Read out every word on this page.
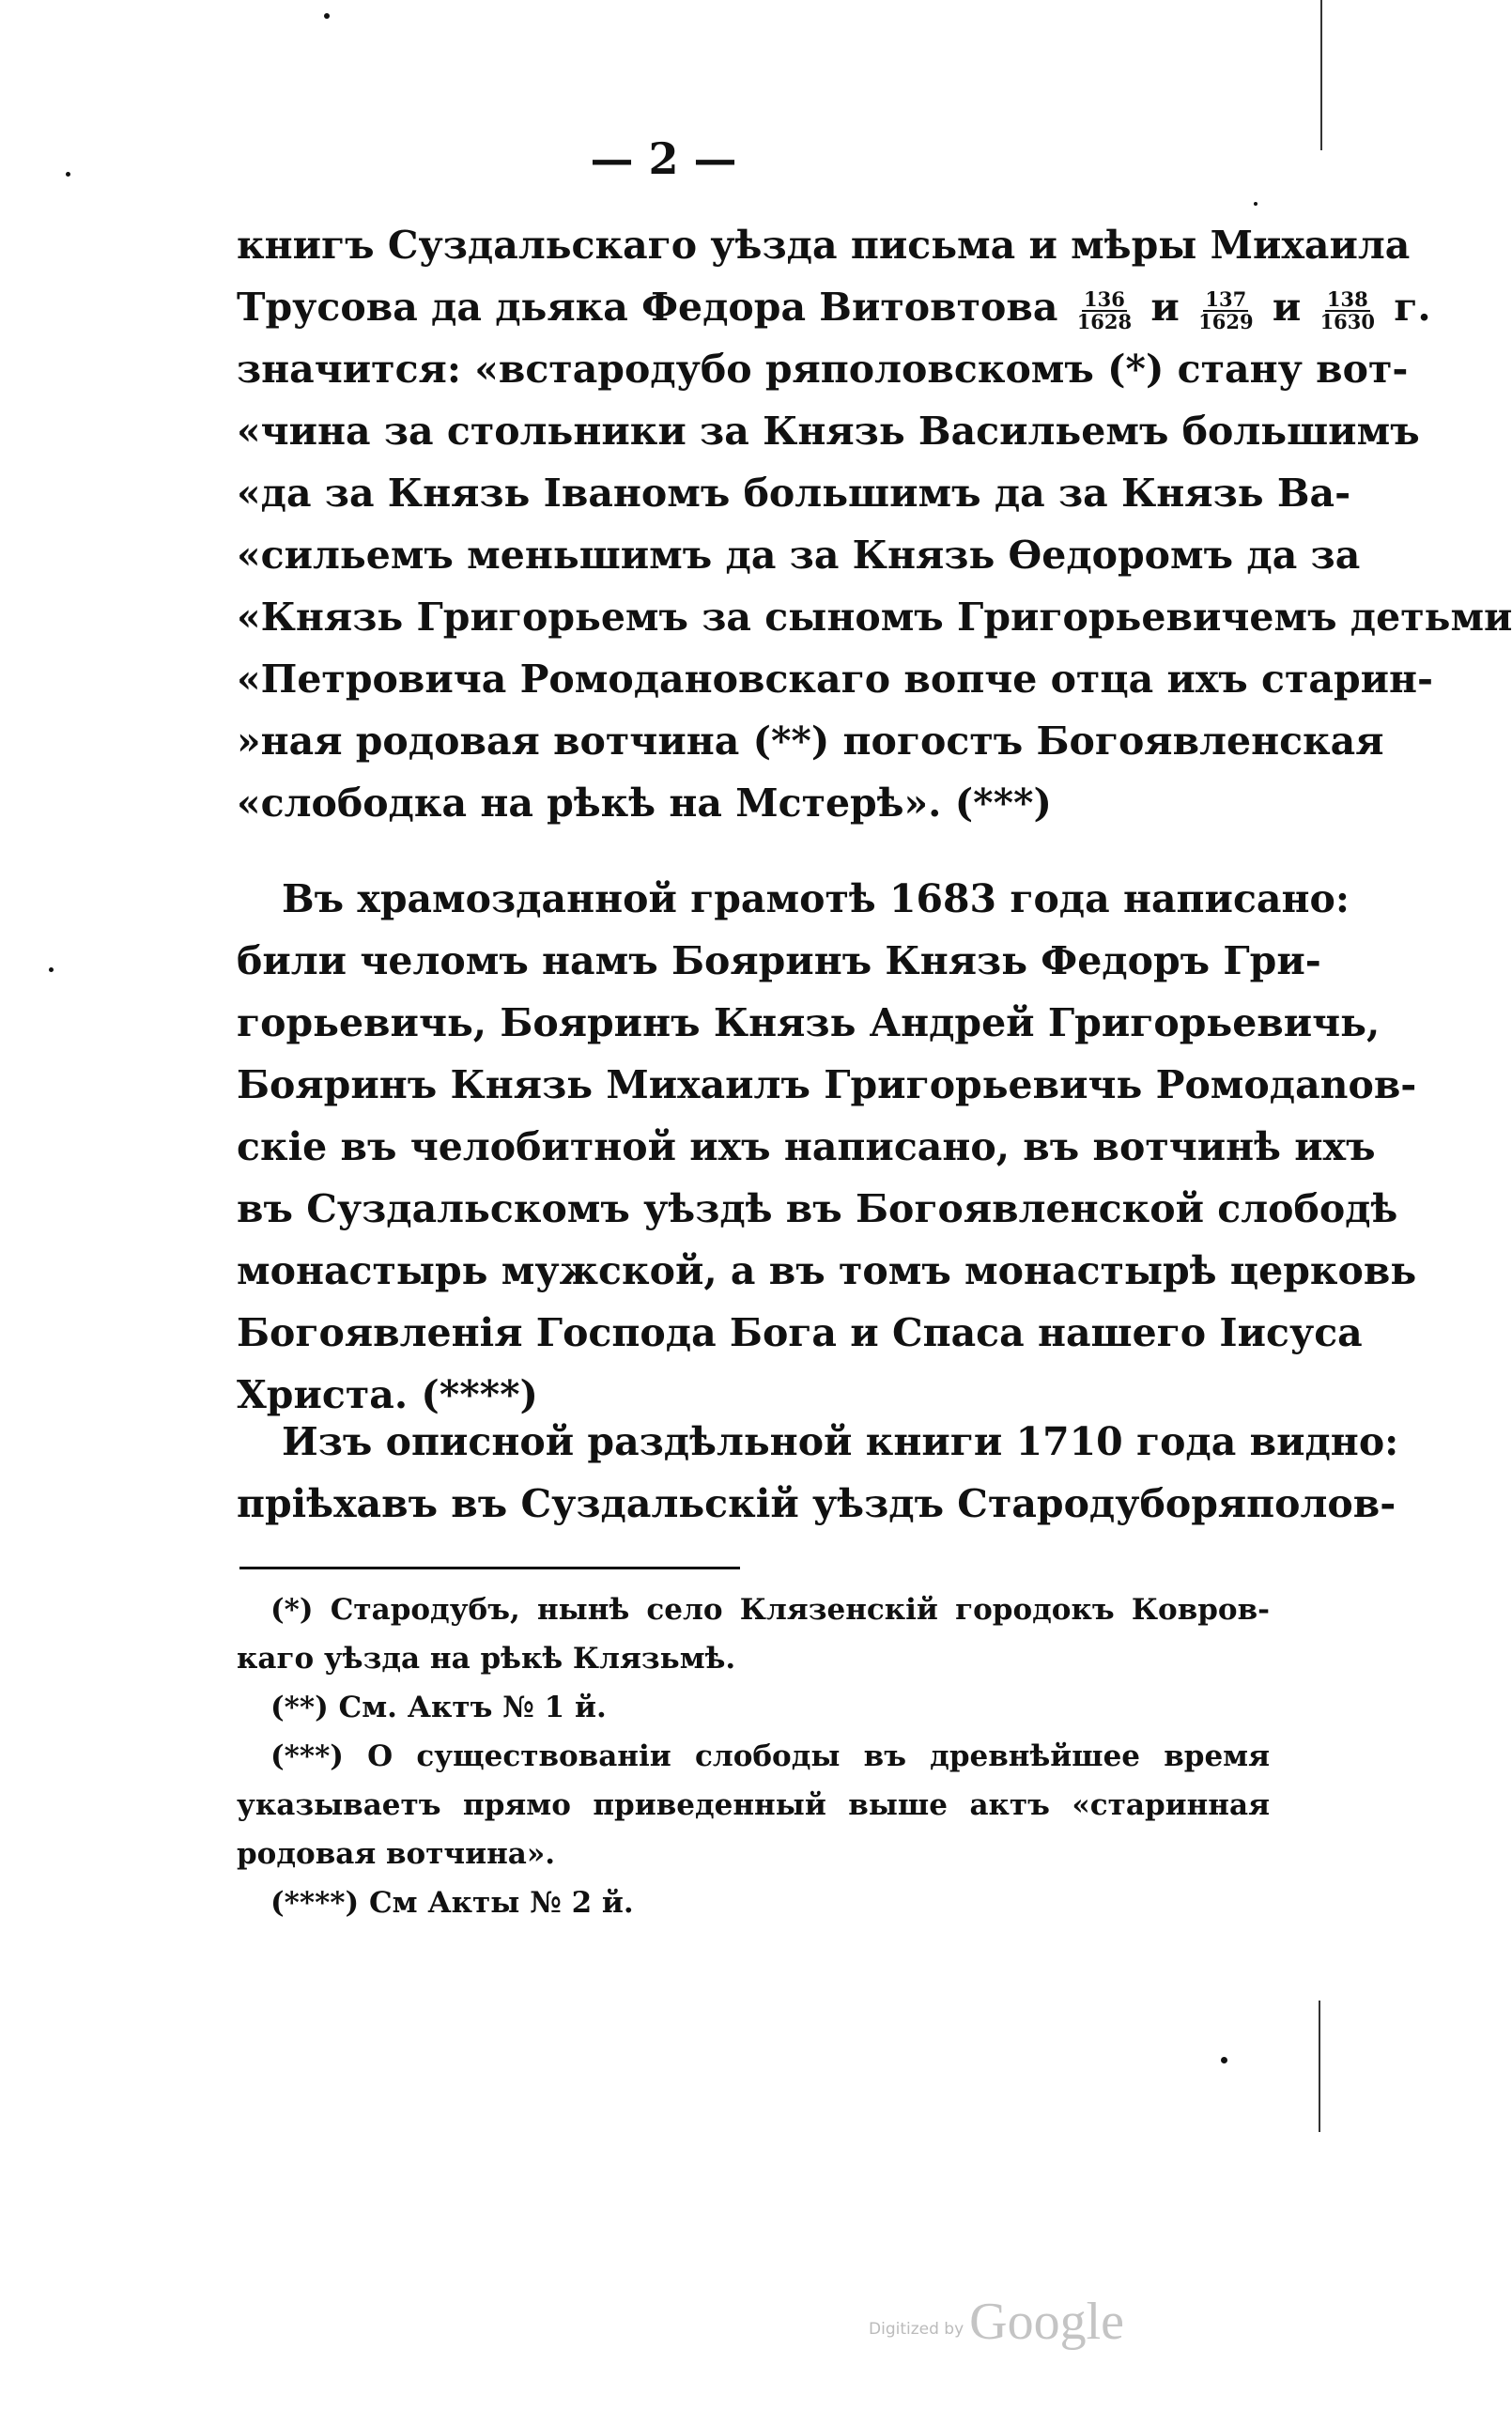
— 2 —
книгъ Суздальскаго уѣзда письма и мѣры Михаила
Трусова да дьяка Федора Витовтова $\frac{136}{1628}$ и $\frac{137}{1629}$ и $\frac{138}{1630} г$.
значится: «встародубо ряполовскомъ (*) стану вот-
«чина за стольники за Князь Васильемъ большимъ
«да за Князь Іваномъ большимъ да за Князь Ва-
«сильемъ меньшимъ да за Князь Өедоромъ да за
«Князь Григорьемъ за сыномъ Григорьевичемъ детьми
«Петровича Ромодановскаго вопче отца ихъ старин-
»ная родовая вотчина (**) погостъ Богоявленская
«слободка на рѣкѣ на Мстерѣ». (***)
Въ храмозданной грамотѣ 1683 года написано:
били челомъ намъ Бояринъ Князь Федоръ Гри-
горьевичь, Бояринъ Князь Андрей Григорьевичь,
Бояринъ Князь Михаилъ Григорьевичь Ромодanов-
скіе въ челобитной ихъ написано, въ вотчинѣ ихъ
въ Суздальскомъ уѣздѣ въ Богоявленской слободѣ
монастырь мужской, а въ томъ монастырѣ церковь
Богоявленія Господа Бога и Спаса нашего Іисуса
Христа. (****)
Изъ описной раздѣльной книги 1710 года видно:
пріѣхавъ въ Суздальскій уѣздъ Стародуборяполов-
(*) Стародубъ, нынѣ село Клязенскій городокъ Ковров-
каго уѣзда на рѣкѣ Клязьмѣ.
(**) См. Актъ № 1 й.
(***) О существованіи слободы въ древнѣйшее время
указываетъ прямо приведенный выше актъ «старинная
родовая вотчина».
(****) См Акты № 2 й.
Digitized by Google
